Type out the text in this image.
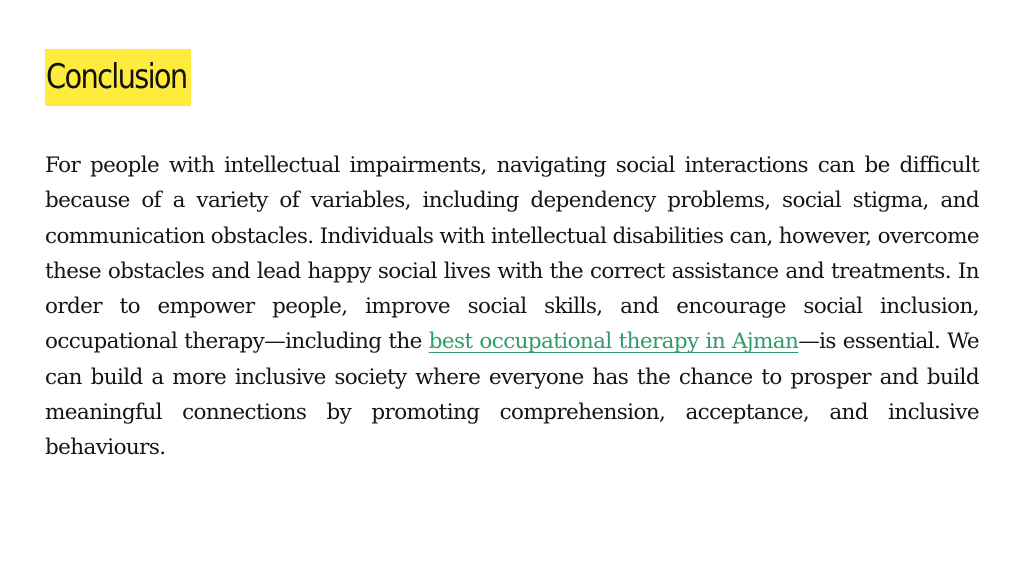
Conclusion

For people with intellectual impairments, navigating social interactions can be difficult because of a variety of variables, including dependency problems, social stigma, and communication obstacles. Individuals with intellectual disabilities can, however, overcome these obstacles and lead happy social lives with the correct assistance and treatments. In order to empower people, improve social skills, and encourage social inclusion, occupational therapy—including the best occupational therapy in Ajman—is essential. We can build a more inclusive society where everyone has the chance to prosper and build meaningful connections by promoting comprehension, acceptance, and inclusive behaviours.
